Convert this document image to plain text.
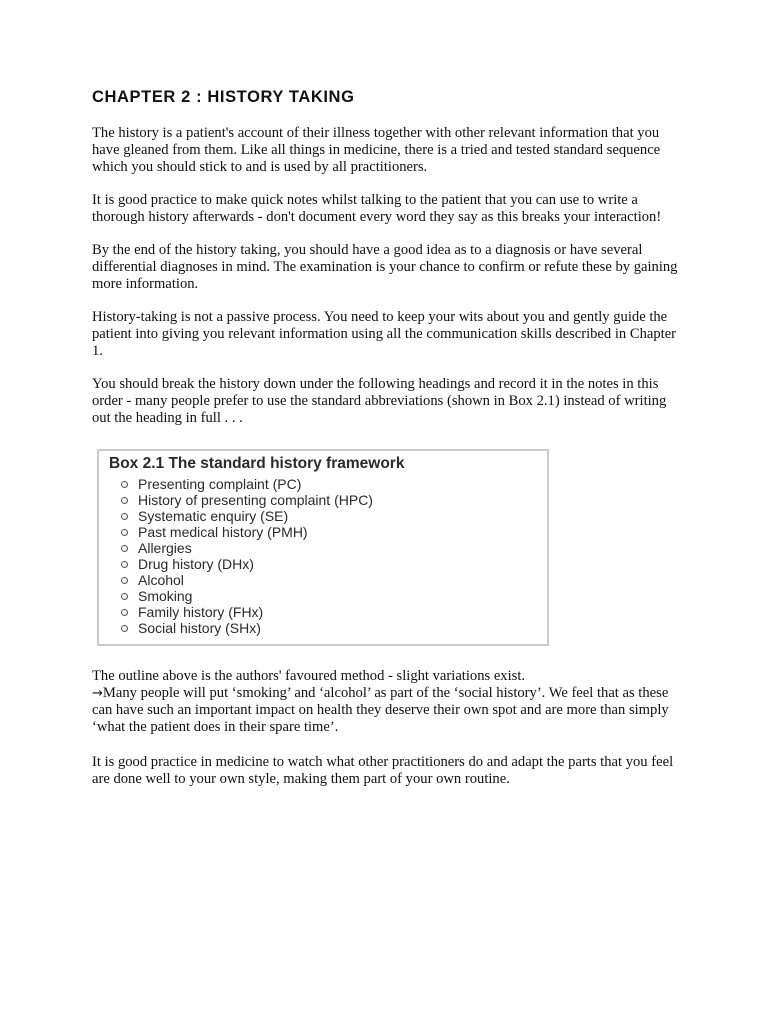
CHAPTER 2 : HISTORY TAKING

The history is a patient's account of their illness together with other relevant information that you have gleaned from them. Like all things in medicine, there is a tried and tested standard sequence which you should stick to and is used by all practitioners.

It is good practice to make quick notes whilst talking to the patient that you can use to write a thorough history afterwards - don't document every word they say as this breaks your interaction!

By the end of the history taking, you should have a good idea as to a diagnosis or have several differential diagnoses in mind. The examination is your chance to confirm or refute these by gaining more information.

History-taking is not a passive process. You need to keep your wits about you and gently guide the patient into giving you relevant information using all the communication skills described in Chapter 1.

You should break the history down under the following headings and record it in the notes in this order - many people prefer to use the standard abbreviations (shown in Box 2.1) instead of writing out the heading in full . . .

Box 2.1 The standard history framework
Presenting complaint (PC)
History of presenting complaint (HPC)
Systematic enquiry (SE)
Past medical history (PMH)
Allergies
Drug history (DHx)
Alcohol
Smoking
Family history (FHx)
Social history (SHx)

The outline above is the authors' favoured method - slight variations exist.

→Many people will put ‘smoking’ and ‘alcohol’ as part of the ‘social history’. We feel that as these can have such an important impact on health they deserve their own spot and are more than simply ‘what the patient does in their spare time’.

It is good practice in medicine to watch what other practitioners do and adapt the parts that you feel are done well to your own style, making them part of your own routine.
